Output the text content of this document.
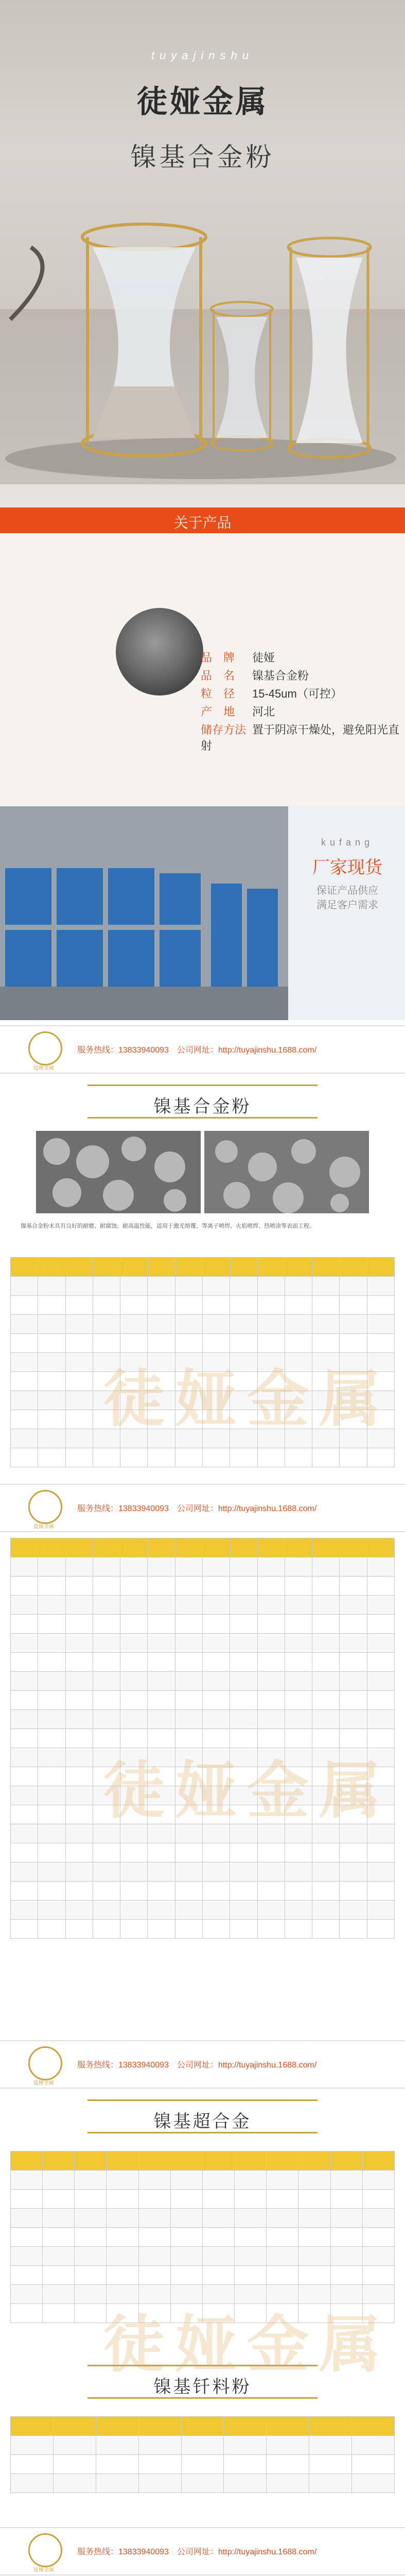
tuyajinshu
徒娅金属
镍基合金粉
关于产品
品　牌 徒娅
品　名 镍基合金粉
粒　径 15-45um（可控）
产　地 河北
储存方法 置于阴凉干燥处，避免阳光直射
kufang
厂家现货
保证产品供应
满足客户需求
徒娅金属
服务热线：13833940093　 公司网址：http://tuyajinshu.1688.com/
镍基合金粉
镍基合金粉末具有良好的耐磨、耐腐蚀、耐高温性能，适用于激光熔覆、等离子喷焊、火焰喷焊、热喷涂等表面工程。

徒娅金属
徒娅金属
服务热线：13833940093　 公司网址：http://tuyajinshu.1688.com/

徒娅金属
徒娅金属
服务热线：13833940093　 公司网址：http://tuyajinshu.1688.com/
镍基超合金

徒娅金属
镍基钎料粉

徒娅金属
服务热线：13833940093　 公司网址：http://tuyajinshu.1688.com/
